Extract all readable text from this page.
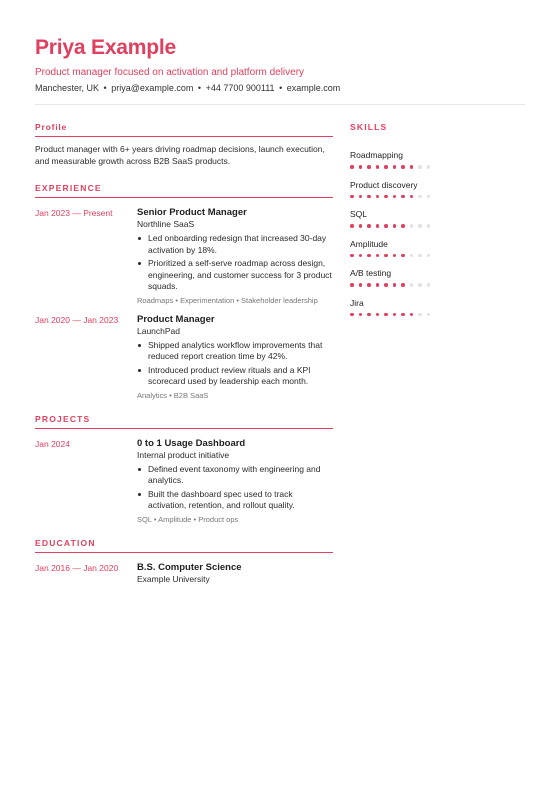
Priya Example
Product manager focused on activation and platform delivery
Manchester, UK • priya@example.com • +44 7700 900111 • example.com
Profile
Product manager with 6+ years driving roadmap decisions, launch execution, and measurable growth across B2B SaaS products.
EXPERIENCE
Jan 2023 — Present	Senior Product Manager
Northline SaaS
Led onboarding redesign that increased 30-day activation by 18%.
Prioritized a self-serve roadmap across design, engineering, and customer success for 3 product squads.
Roadmaps • Experimentation • Stakeholder leadership
Jan 2020 — Jan 2023	Product Manager
LaunchPad
Shipped analytics workflow improvements that reduced report creation time by 42%.
Introduced product review rituals and a KPI scorecard used by leadership each month.
Analytics • B2B SaaS
PROJECTS
Jan 2024	0 to 1 Usage Dashboard
Internal product initiative
Defined event taxonomy with engineering and analytics.
Built the dashboard spec used to track activation, retention, and rollout quality.
SQL • Amplitude • Product ops
EDUCATION
Jan 2016 — Jan 2020	B.S. Computer Science
Example University
SKILLS
Roadmapping
Product discovery
SQL
Amplitude
A/B testing
Jira
